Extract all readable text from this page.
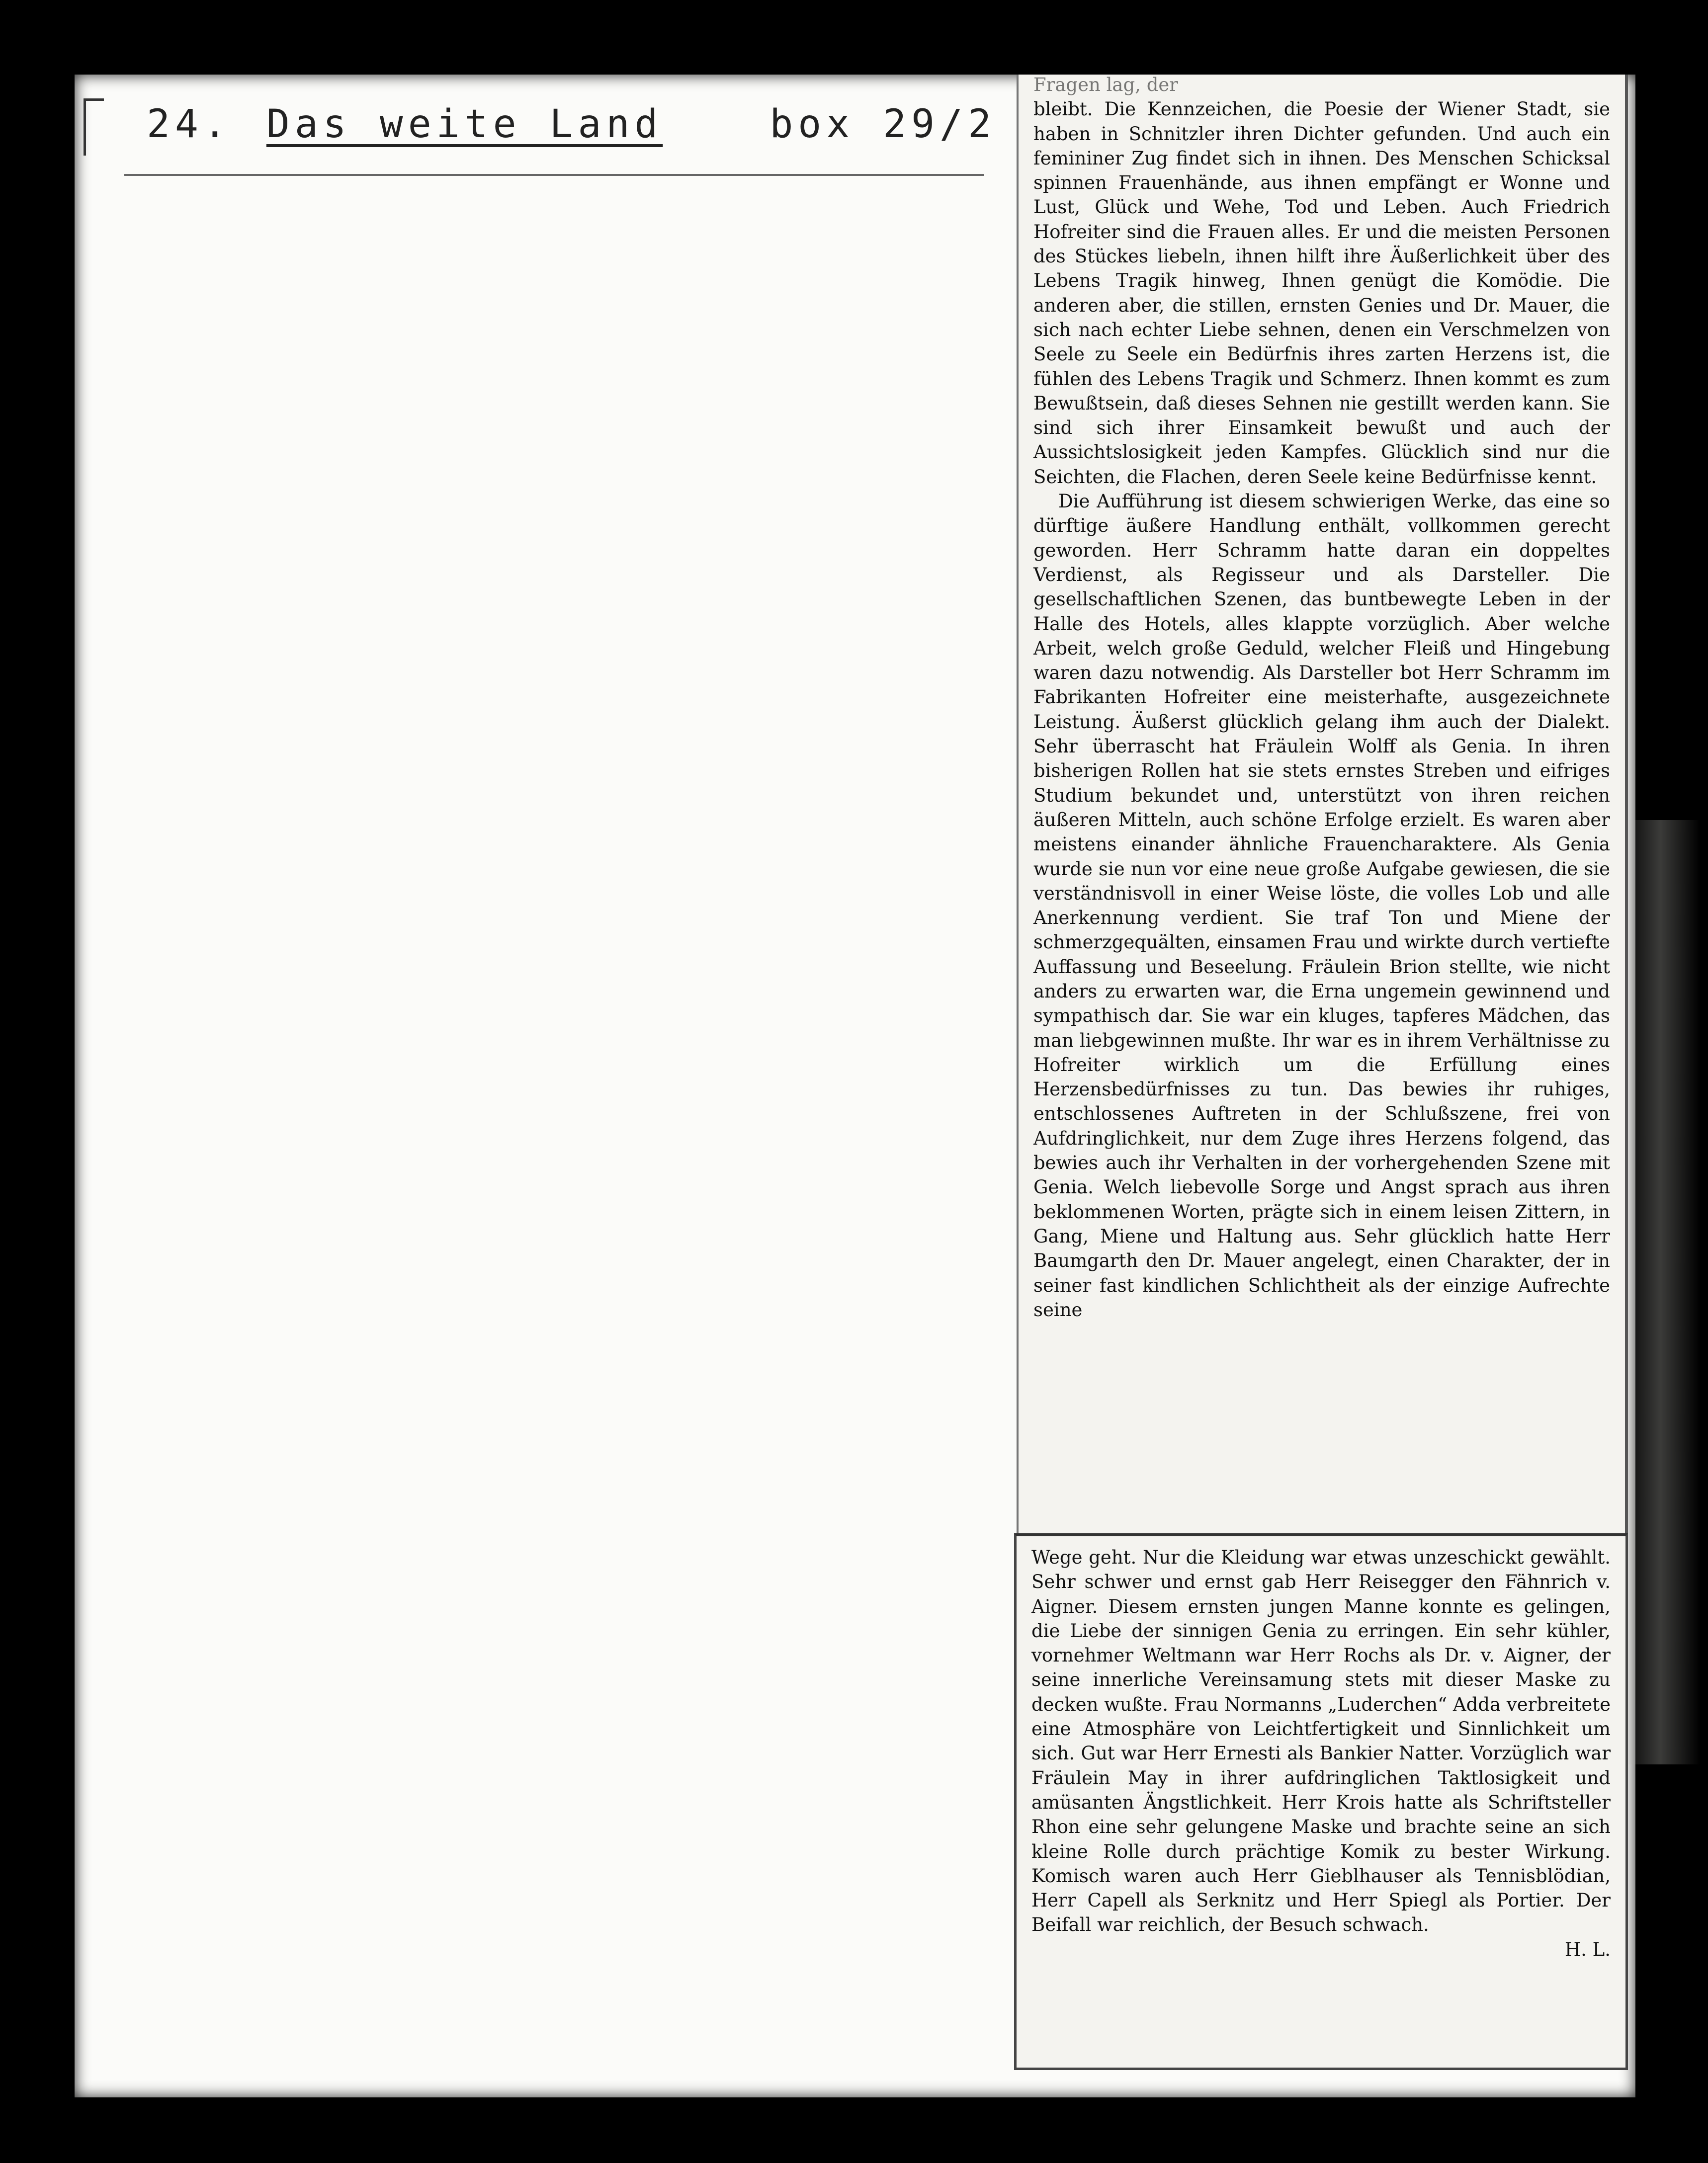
24. Das weite Land	box 29/2

Fragen lag, der

bleibt. Die Kennzeichen, die Poesie der Wiener Stadt, sie haben in Schnitzler ihren Dichter gefunden. Und auch ein femininer Zug findet sich in ihnen. Des Menschen Schicksal spinnen Frauenhände, aus ihnen empfängt er Wonne und Lust, Glück und Wehe, Tod und Leben. Auch Friedrich Hofreiter sind die Frauen alles. Er und die meisten Personen des Stückes liebeln, ihnen hilft ihre Äußerlichkeit über des Lebens Tragik hinweg, Ihnen genügt die Komödie. Die anderen aber, die stillen, ernsten Genies und Dr. Mauer, die sich nach echter Liebe sehnen, denen ein Verschmelzen von Seele zu Seele ein Bedürfnis ihres zarten Herzens ist, die fühlen des Lebens Tragik und Schmerz. Ihnen kommt es zum Bewußtsein, daß dieses Sehnen nie gestillt werden kann. Sie sind sich ihrer Einsamkeit bewußt und auch der Aussichtslosigkeit jeden Kampfes. Glücklich sind nur die Seichten, die Flachen, deren Seele keine Bedürfnisse kennt.

Die Aufführung ist diesem schwierigen Werke, das eine so dürftige äußere Handlung enthält, vollkommen gerecht geworden. Herr Schramm hatte daran ein doppeltes Verdienst, als Regisseur und als Darsteller. Die gesellschaftlichen Szenen, das buntbewegte Leben in der Halle des Hotels, alles klappte vorzüglich. Aber welche Arbeit, welch große Geduld, welcher Fleiß und Hingebung waren dazu notwendig. Als Darsteller bot Herr Schramm im Fabrikanten Hofreiter eine meisterhafte, ausgezeichnete Leistung. Äußerst glücklich gelang ihm auch der Dialekt. Sehr überrascht hat Fräulein Wolff als Genia. In ihren bisherigen Rollen hat sie stets ernstes Streben und eifriges Studium bekundet und, unterstützt von ihren reichen äußeren Mitteln, auch schöne Erfolge erzielt. Es waren aber meistens einander ähnliche Frauencharaktere. Als Genia wurde sie nun vor eine neue große Aufgabe gewiesen, die sie verständnisvoll in einer Weise löste, die volles Lob und alle Anerkennung verdient. Sie traf Ton und Miene der schmerzgequälten, einsamen Frau und wirkte durch vertiefte Auffassung und Beseelung. Fräulein Brion stellte, wie nicht anders zu erwarten war, die Erna ungemein gewinnend und sympathisch dar. Sie war ein kluges, tapferes Mädchen, das man liebgewinnen mußte. Ihr war es in ihrem Verhältnisse zu Hofreiter wirklich um die Erfüllung eines Herzensbedürfnisses zu tun. Das bewies ihr ruhiges, entschlossenes Auftreten in der Schlußszene, frei von Aufdringlichkeit, nur dem Zuge ihres Herzens folgend, das bewies auch ihr Verhalten in der vorhergehenden Szene mit Genia. Welch liebevolle Sorge und Angst sprach aus ihren beklommenen Worten, prägte sich in einem leisen Zittern, in Gang, Miene und Haltung aus. Sehr glücklich hatte Herr Baumgarth den Dr. Mauer angelegt, einen Charakter, der in seiner fast kindlichen Schlichtheit als der einzige Aufrechte seine

Wege geht. Nur die Kleidung war etwas unzeschickt gewählt. Sehr schwer und ernst gab Herr Reisegger den Fähnrich v. Aigner. Diesem ernsten jungen Manne konnte es gelingen, die Liebe der sinnigen Genia zu erringen. Ein sehr kühler, vornehmer Weltmann war Herr Rochs als Dr. v. Aigner, der seine innerliche Vereinsamung stets mit dieser Maske zu decken wußte. Frau Normanns „Luderchen“ Adda verbreitete eine Atmosphäre von Leichtfertigkeit und Sinnlichkeit um sich. Gut war Herr Ernesti als Bankier Natter. Vorzüglich war Fräulein May in ihrer aufdringlichen Taktlosigkeit und amüsanten Ängstlichkeit. Herr Krois hatte als Schriftsteller Rhon eine sehr gelungene Maske und brachte seine an sich kleine Rolle durch prächtige Komik zu bester Wirkung. Komisch waren auch Herr Gieblhauser als Tennisblödian, Herr Capell als Serknitz und Herr Spiegl als Portier. Der Beifall war reichlich, der Besuch schwach.

H. L.
